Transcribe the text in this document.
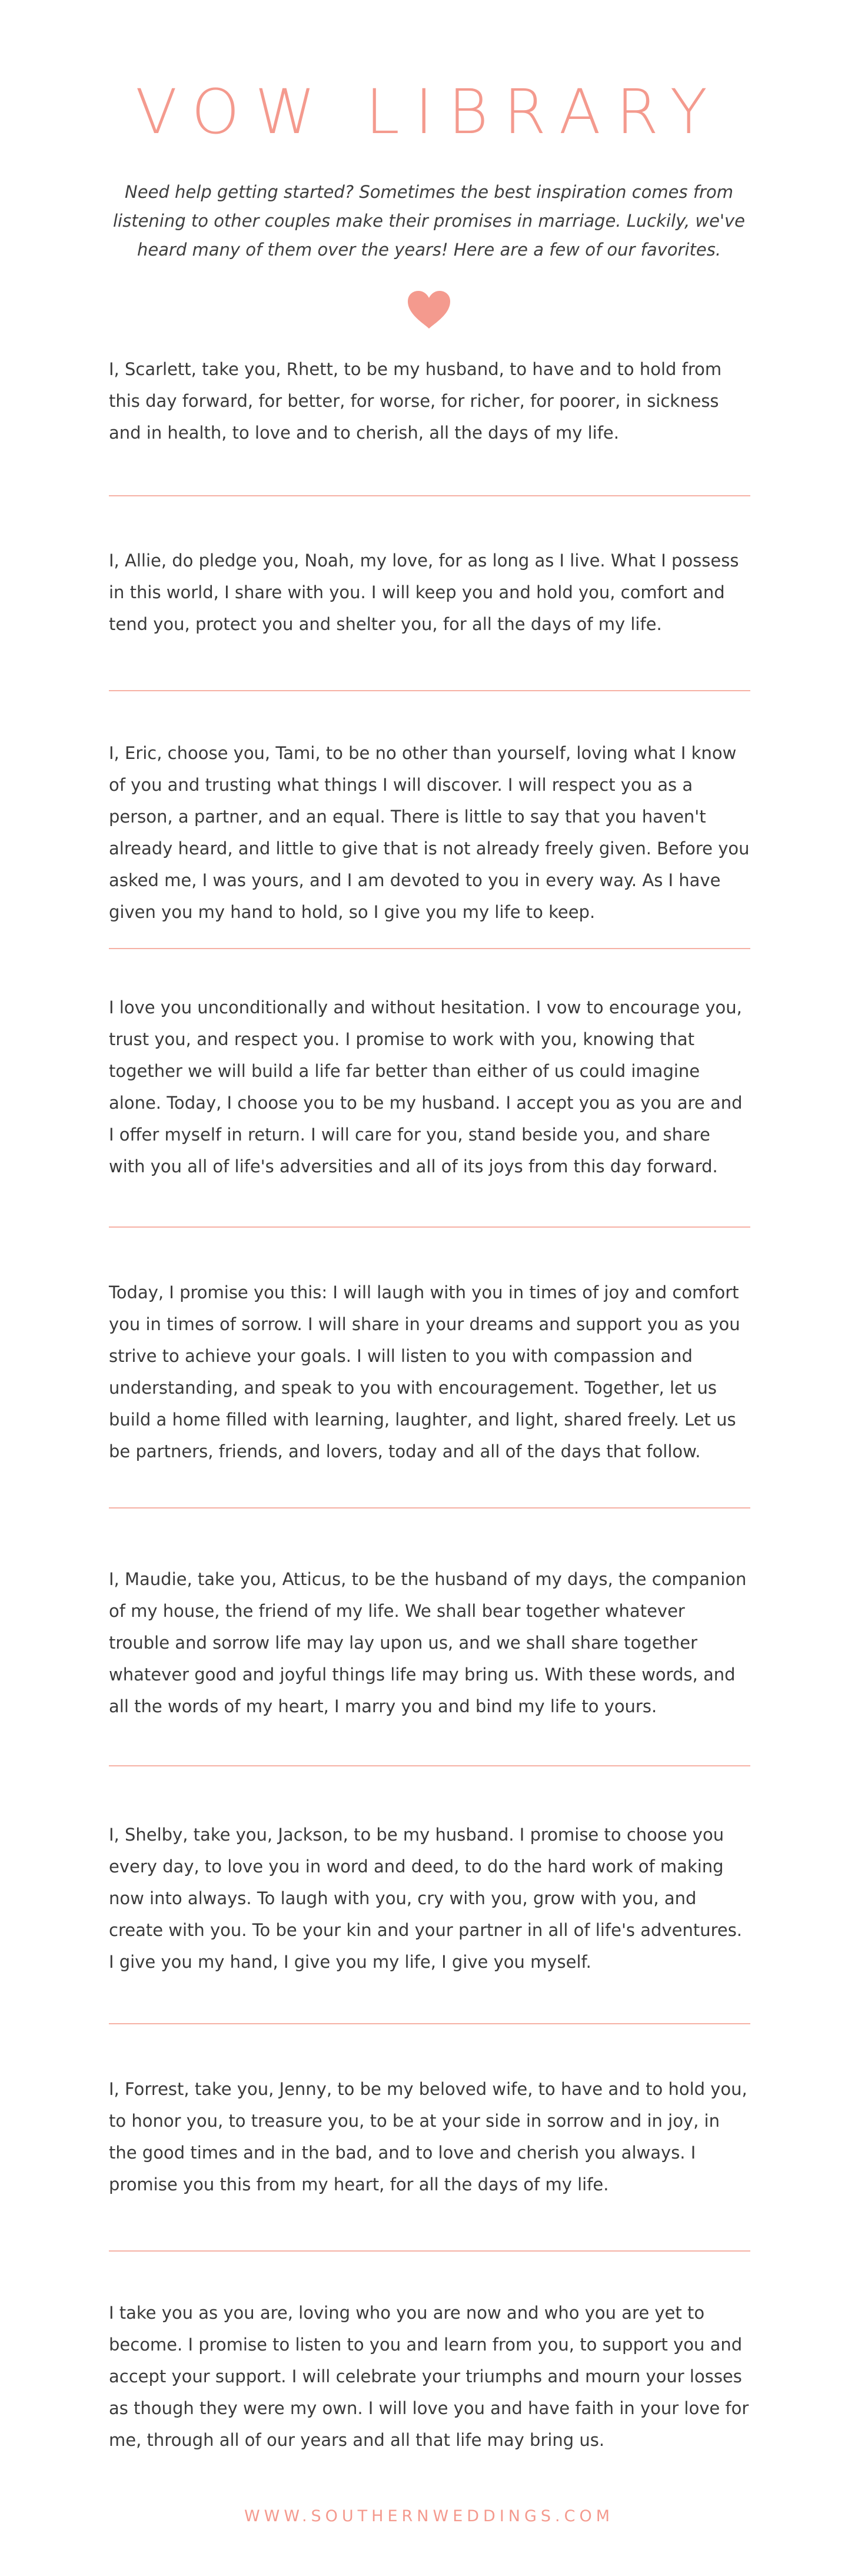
VOW LIBRARY

Need help getting started? Sometimes the best inspiration comes from listening to other couples make their promises in marriage. Luckily, we've heard many of them over the years! Here are a few of our favorites.

I, Scarlett, take you, Rhett, to be my husband, to have and to hold from this day forward, for better, for worse, for richer, for poorer, in sickness and in health, to love and to cherish, all the days of my life.

I, Allie, do pledge you, Noah, my love, for as long as I live. What I possess in this world, I share with you. I will keep you and hold you, comfort and tend you, protect you and shelter you, for all the days of my life.

I, Eric, choose you, Tami, to be no other than yourself, loving what I know of you and trusting what things I will discover. I will respect you as a person, a partner, and an equal. There is little to say that you haven't already heard, and little to give that is not already freely given. Before you asked me, I was yours, and I am devoted to you in every way. As I have given you my hand to hold, so I give you my life to keep.

I love you unconditionally and without hesitation. I vow to encourage you, trust you, and respect you. I promise to work with you, knowing that together we will build a life far better than either of us could imagine alone. Today, I choose you to be my husband. I accept you as you are and I offer myself in return. I will care for you, stand beside you, and share with you all of life's adversities and all of its joys from this day forward.

Today, I promise you this: I will laugh with you in times of joy and comfort you in times of sorrow. I will share in your dreams and support you as you strive to achieve your goals. I will listen to you with compassion and understanding, and speak to you with encouragement. Together, let us build a home filled with learning, laughter, and light, shared freely. Let us be partners, friends, and lovers, today and all of the days that follow.

I, Maudie, take you, Atticus, to be the husband of my days, the companion of my house, the friend of my life. We shall bear together whatever trouble and sorrow life may lay upon us, and we shall share together whatever good and joyful things life may bring us. With these words, and all the words of my heart, I marry you and bind my life to yours.

I, Shelby, take you, Jackson, to be my husband. I promise to choose you every day, to love you in word and deed, to do the hard work of making now into always. To laugh with you, cry with you, grow with you, and create with you. To be your kin and your partner in all of life's adventures. I give you my hand, I give you my life, I give you myself.

I, Forrest, take you, Jenny, to be my beloved wife, to have and to hold you, to honor you, to treasure you, to be at your side in sorrow and in joy, in the good times and in the bad, and to love and cherish you always. I promise you this from my heart, for all the days of my life.

I take you as you are, loving who you are now and who you are yet to become. I promise to listen to you and learn from you, to support you and accept your support. I will celebrate your triumphs and mourn your losses as though they were my own. I will love you and have faith in your love for me, through all of our years and all that life may bring us.

WWW.SOUTHERNWEDDINGS.COM
